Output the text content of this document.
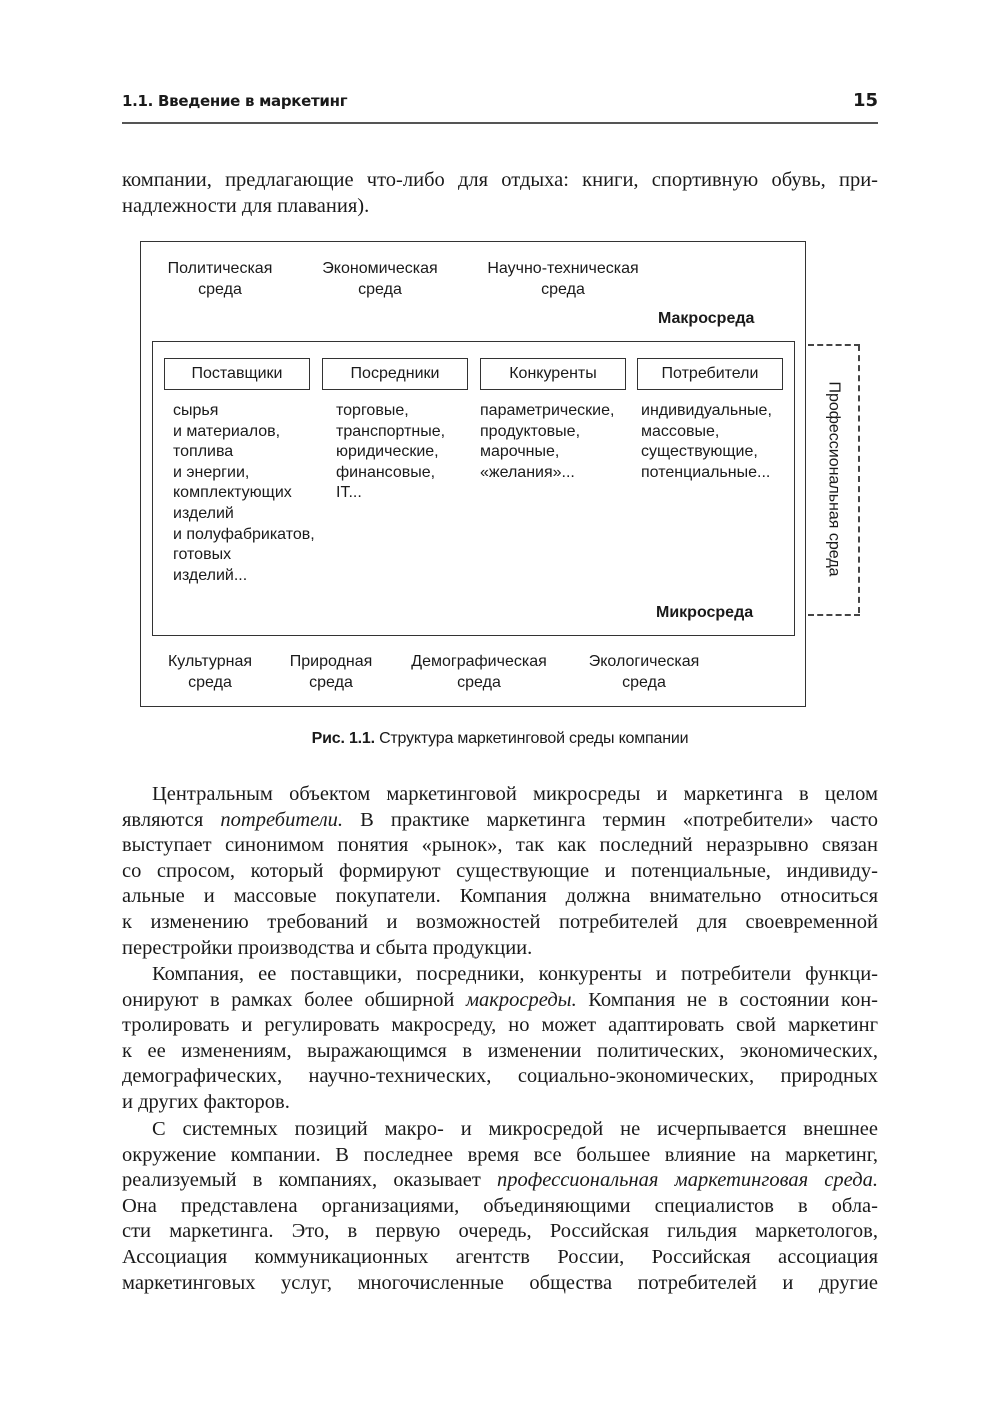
1.1. Введение в маркетинг	15
компании, предлагающие что-либо для отдыха: книги, спортивную обувь, при-
надлежности для плавания).
Политическая
среда
Экономическая
среда
Научно-техническая
среда
Макросреда
Поставщики	Посредники	Конкуренты	Потребители
сырья
и материалов,
топлива
и энергии,
комплектующих
изделий
и полуфабрикатов,
готовых
изделий...
торговые,
транспортные,
юридические,
финансовые,
IT...
параметрические,
продуктовые,
марочные,
«желания»...
индивидуальные,
массовые,
существующие,
потенциальные...
Микросреда
Культурная
среда
Природная
среда
Демографическая
среда
Экологическая
среда
Профессиональная среда
Рис. 1.1. Структура маркетинговой среды компании
Центральным объектом маркетинговой микросреды и маркетинга в целом
являются потребители. В практике маркетинга термин «потребители» часто
выступает синонимом понятия «рынок», так как последний неразрывно связан
со спросом, который формируют существующие и потенциальные, индивиду-
альные и массовые покупатели. Компания должна внимательно относиться
к изменению требований и возможностей потребителей для своевременной
перестройки производства и сбыта продукции.
Компания, ее поставщики, посредники, конкуренты и потребители функци-
онируют в рамках более обширной макросреды. Компания не в состоянии кон-
тролировать и регулировать макросреду, но может адаптировать свой маркетинг
к ее изменениям, выражающимся в изменении политических, экономических,
демографических, научно-технических, социально-экономических, природных
и других факторов.
С системных позиций макро- и микросредой не исчерпывается внешнее
окружение компании. В последнее время все большее влияние на маркетинг,
реализуемый в компаниях, оказывает профессиональная маркетинговая среда.
Она представлена организациями, объединяющими специалистов в обла-
сти маркетинга. Это, в первую очередь, Российская гильдия маркетологов,
Ассоциация коммуникационных агентств России, Российская ассоциация
маркетинговых услуг, многочисленные общества потребителей и другие
